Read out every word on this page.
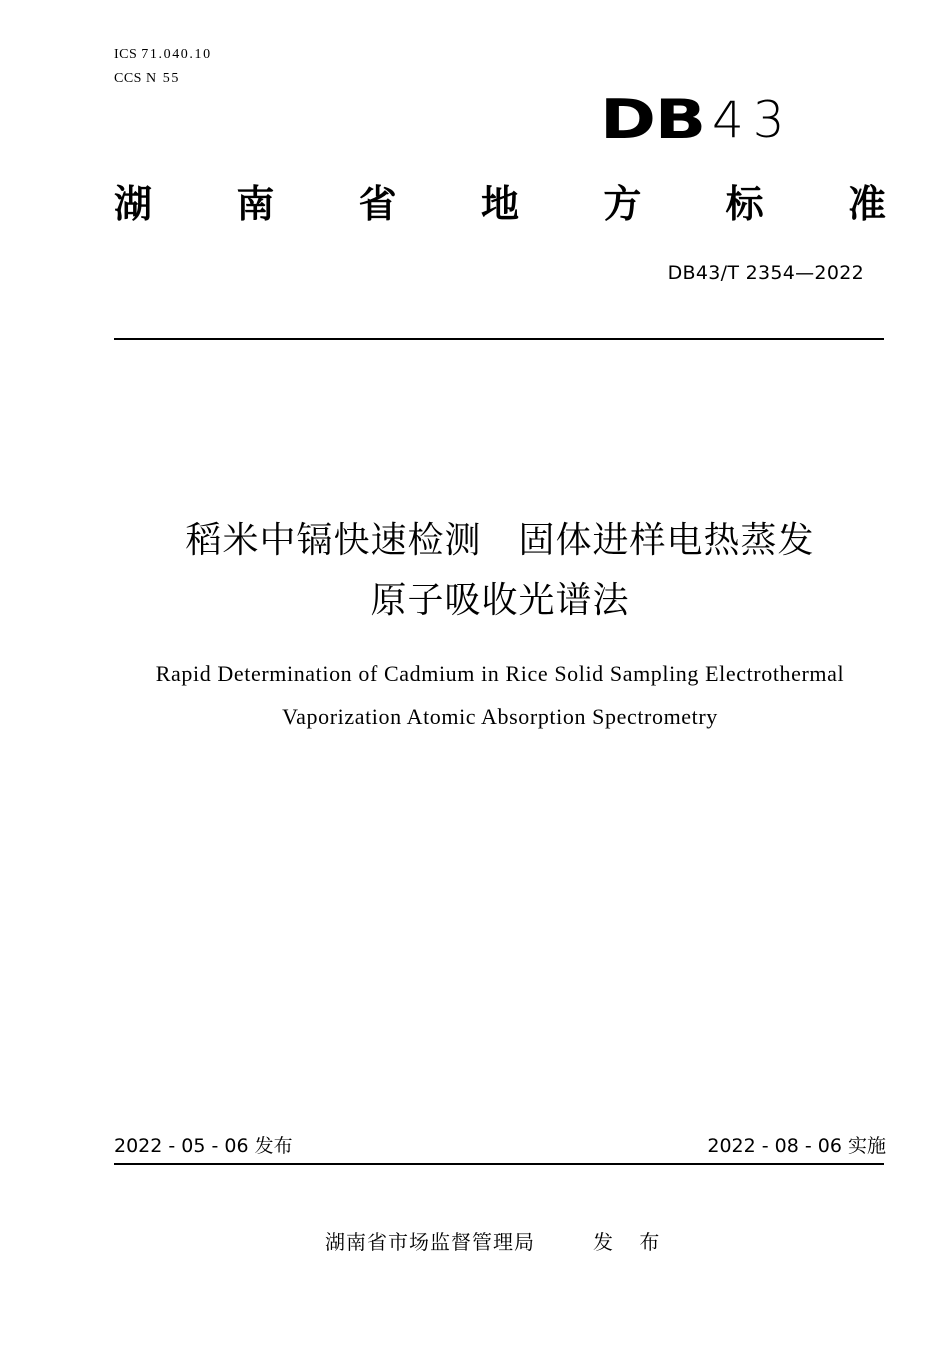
ICS 71.040.10
CCS N 55
DB 43
湖 南 省 地 方 标 准
DB43/T 2354—2022
稻米中镉快速检测　固体进样电热蒸发
原子吸收光谱法
Rapid Determination of Cadmium in Rice Solid Sampling Electrothermal
Vaporization Atomic Absorption Spectrometry
2022 - 05 - 06 发布	2022 - 08 - 06 实施
湖南省市场监督管理局	发 布
